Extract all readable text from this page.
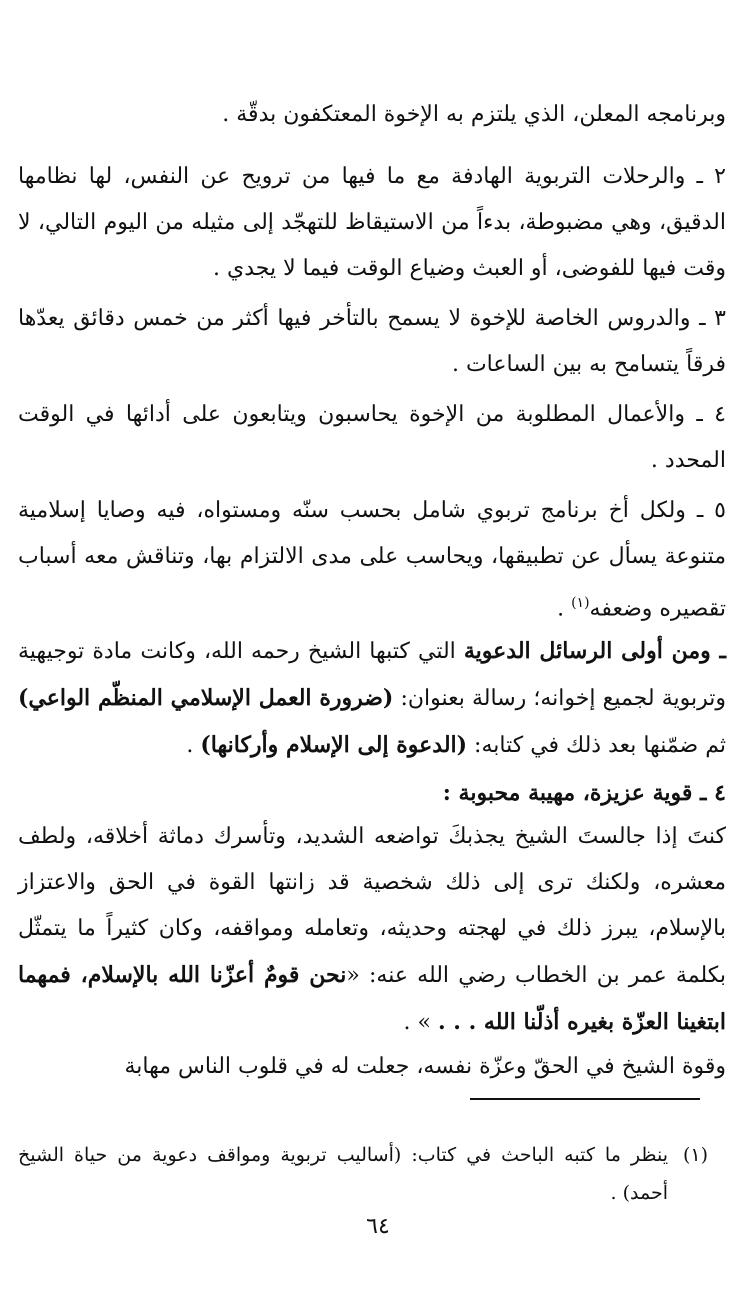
وبرنامجه المعلن، الذي يلتزم به الإخوة المعتكفون بدقّة .
٢ ـ والرحلات التربوية الهادفة مع ما فيها من ترويح عن النفس، لها نظامها الدقيق، وهي مضبوطة، بدءاً من الاستيقاظ للتهجّد إلى مثيله من اليوم التالي، لا وقت فيها للفوضى، أو العبث وضياع الوقت فيما لا يجدي .
٣ ـ والدروس الخاصة للإخوة لا يسمح بالتأخر فيها أكثر من خمس دقائق يعدّها فرقاً يتسامح به بين الساعات .
٤ ـ والأعمال المطلوبة من الإخوة يحاسبون ويتابعون على أدائها في الوقت المحدد .
٥ ـ ولكل أخ برنامج تربوي شامل بحسب سنّه ومستواه، فيه وصايا إسلامية متنوعة يسأل عن تطبيقها، ويحاسب على مدى الالتزام بها، وتناقش معه أسباب تقصيره وضعفه$^{(١)}$ .
ـ ومن أولى الرسائل الدعوية التي كتبها الشيخ رحمه الله، وكانت مادة توجيهية وتربوية لجميع إخوانه؛ رسالة بعنوان: (ضرورة العمل الإسلامي المنظّم الواعي) ثم ضمّنها بعد ذلك في كتابه: (الدعوة إلى الإسلام وأركانها) .
٤ ـ قوية عزيزة، مهيبة محبوبة :
كنتَ إذا جالستَ الشيخ يجذبكَ تواضعه الشديد، وتأسرك دماثة أخلاقه، ولطف معشره، ولكنك ترى إلى ذلك شخصية قد زانتها القوة في الحق والاعتزاز بالإسلام، يبرز ذلك في لهجته وحديثه، وتعامله ومواقفه، وكان كثيراً ما يتمثّل بكلمة عمر بن الخطاب رضي الله عنه: «نحن قومٌ أعزّنا الله بالإسلام، فمهما ابتغينا العزّة بغيره أذلّنا الله . . . » .
وقوة الشيخ في الحقّ وعزّة نفسه، جعلت له في قلوب الناس مهابة
(١)
ينظر ما كتبه الباحث في كتاب: (أساليب تربوية ومواقف دعوية من حياة الشيخ أحمد) .
٦٤
